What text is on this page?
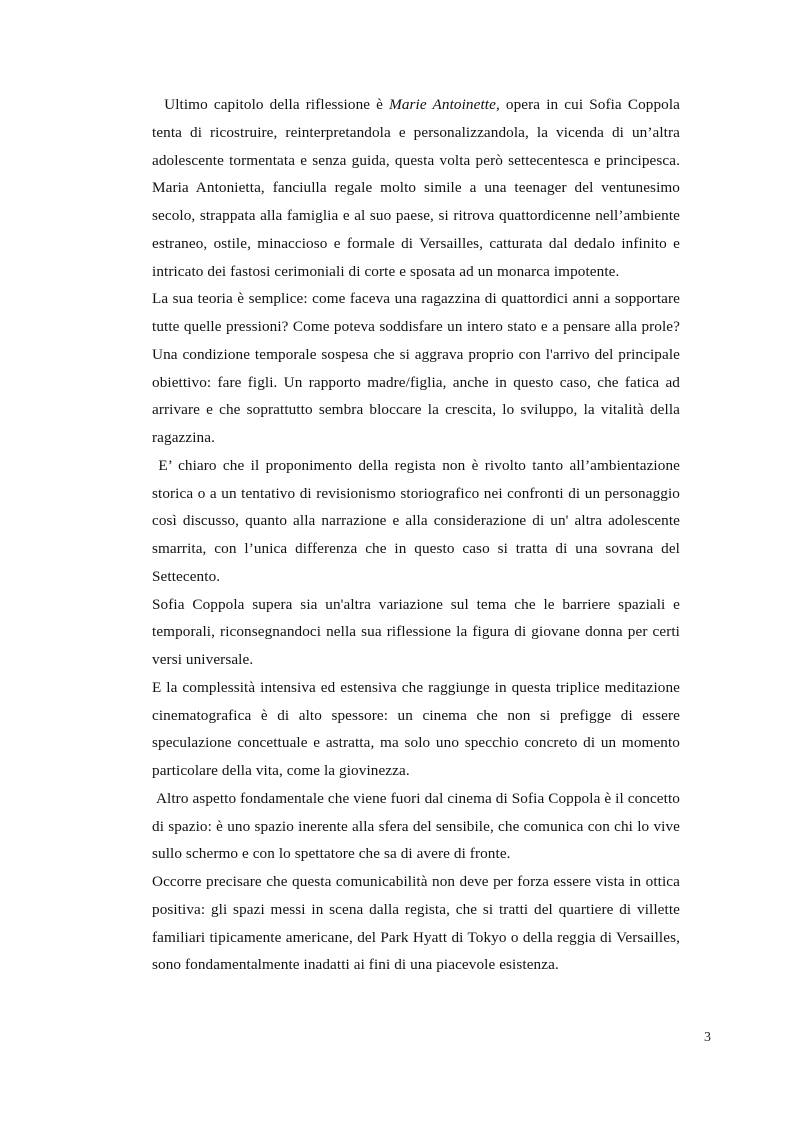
Ultimo capitolo della riflessione è Marie Antoinette, opera in cui Sofia Coppola tenta di ricostruire, reinterpretandola e personalizzandola, la vicenda di un’altra adolescente tormentata e senza guida, questa volta però settecentesca e principesca. Maria Antonietta, fanciulla regale molto simile a una teenager del ventunesimo secolo, strappata alla famiglia e al suo paese, si ritrova quattordicenne nell’ambiente estraneo, ostile, minaccioso e formale di Versailles, catturata dal dedalo infinito e intricato dei fastosi cerimoniali di corte e sposata ad un monarca impotente.

La sua teoria è semplice: come faceva una ragazzina di quattordici anni a sopportare tutte quelle pressioni? Come poteva soddisfare un intero stato e a pensare alla prole? Una condizione temporale sospesa che si aggrava proprio con l'arrivo del principale obiettivo: fare figli. Un rapporto madre/figlia, anche in questo caso, che fatica ad arrivare e che soprattutto sembra bloccare la crescita, lo sviluppo, la vitalità della ragazzina.

E’ chiaro che il proponimento della regista non è rivolto tanto all’ambientazione storica o a un tentativo di revisionismo storiografico nei confronti di un personaggio così discusso, quanto alla narrazione e alla considerazione di un' altra adolescente smarrita, con l’unica differenza che in questo caso si tratta di una sovrana del Settecento.

Sofia Coppola supera sia un'altra variazione sul tema che le barriere spaziali e temporali, riconsegnandoci nella sua riflessione la figura di giovane donna per certi versi universale.

E la complessità intensiva ed estensiva che raggiunge in questa triplice meditazione cinematografica è di alto spessore: un cinema che non si prefigge di essere speculazione concettuale e astratta, ma solo uno specchio concreto di un momento particolare della vita, come la giovinezza.

Altro aspetto fondamentale che viene fuori dal cinema di Sofia Coppola è il concetto di spazio: è uno spazio inerente alla sfera del sensibile, che comunica con chi lo vive sullo schermo e con lo spettatore che sa di avere di fronte.

Occorre precisare che questa comunicabilità non deve per forza essere vista in ottica positiva: gli spazi messi in scena dalla regista, che si tratti del quartiere di villette familiari tipicamente americane, del Park Hyatt di Tokyo o della reggia di Versailles, sono fondamentalmente inadatti ai fini di una piacevole esistenza.

3
